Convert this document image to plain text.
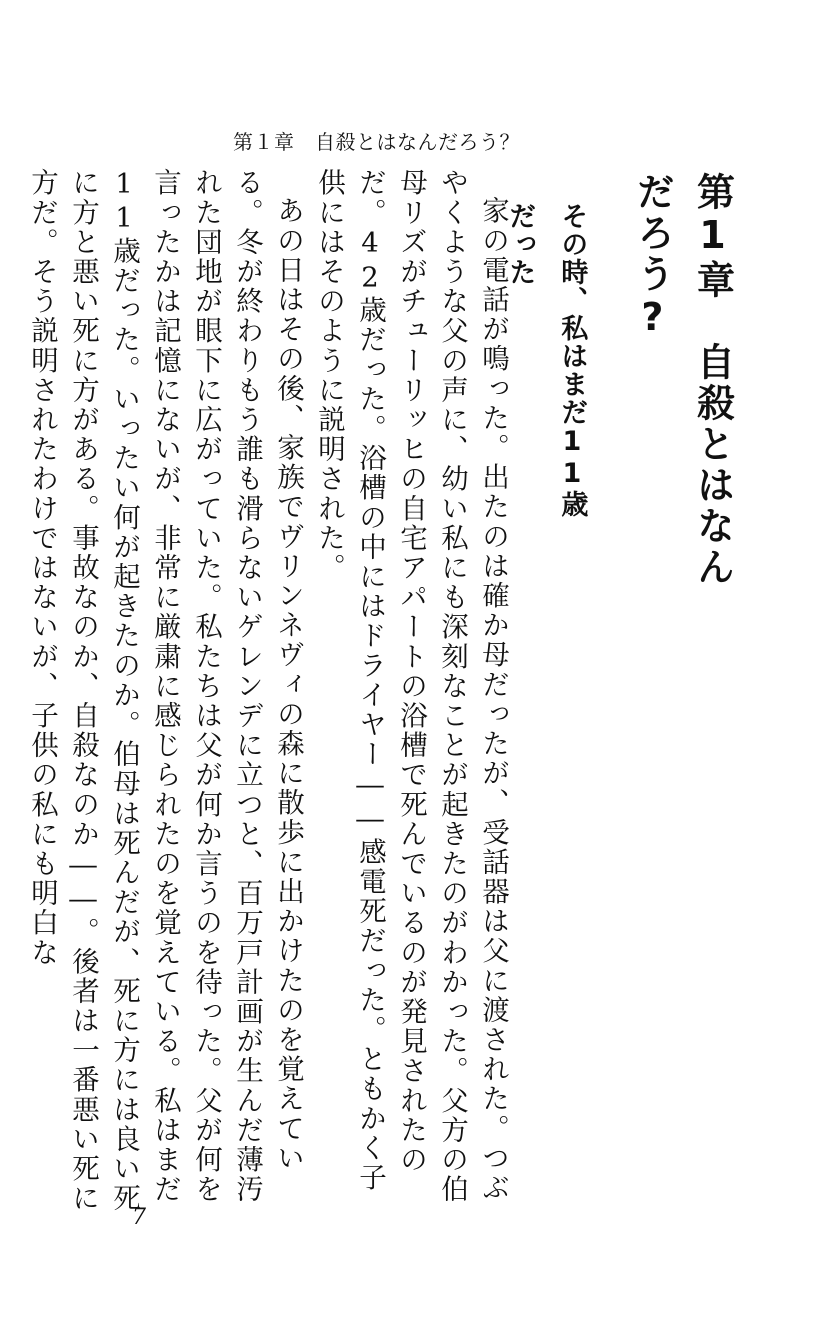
第１章　自殺とはなんだろう？
第1章　自殺とはなんだろう?
その時、私はまだ11歳だった

家の電話が鳴った。出たのは確か母だったが、受話器は父に渡された。つぶやくような父の声に、幼い私にも深刻なことが起きたのがわかった。父方の伯母リズがチューリッヒの自宅アパートの浴槽で死んでいるのが発見されたのだ。42歳だった。浴槽の中にはドライヤー――感電死だった。ともかく子供にはそのように説明された。

あの日はその後、家族でヴリンネヴィの森に散歩に出かけたのを覚えている。冬が終わりもう誰も滑らないゲレンデに立つと、百万戸計画が生んだ薄汚れた団地が眼下に広がっていた。私たちは父が何か言うのを待った。父が何を言ったかは記憶にないが、非常に厳粛に感じられたのを覚えている。私はまだ11歳だった。いったい何が起きたのか。伯母は死んだが、死に方には良い死に方と悪い死に方がある。事故なのか、自殺なのか――。後者は一番悪い死に方だ。そう説明されたわけではないが、子供の私にも明白な

7
